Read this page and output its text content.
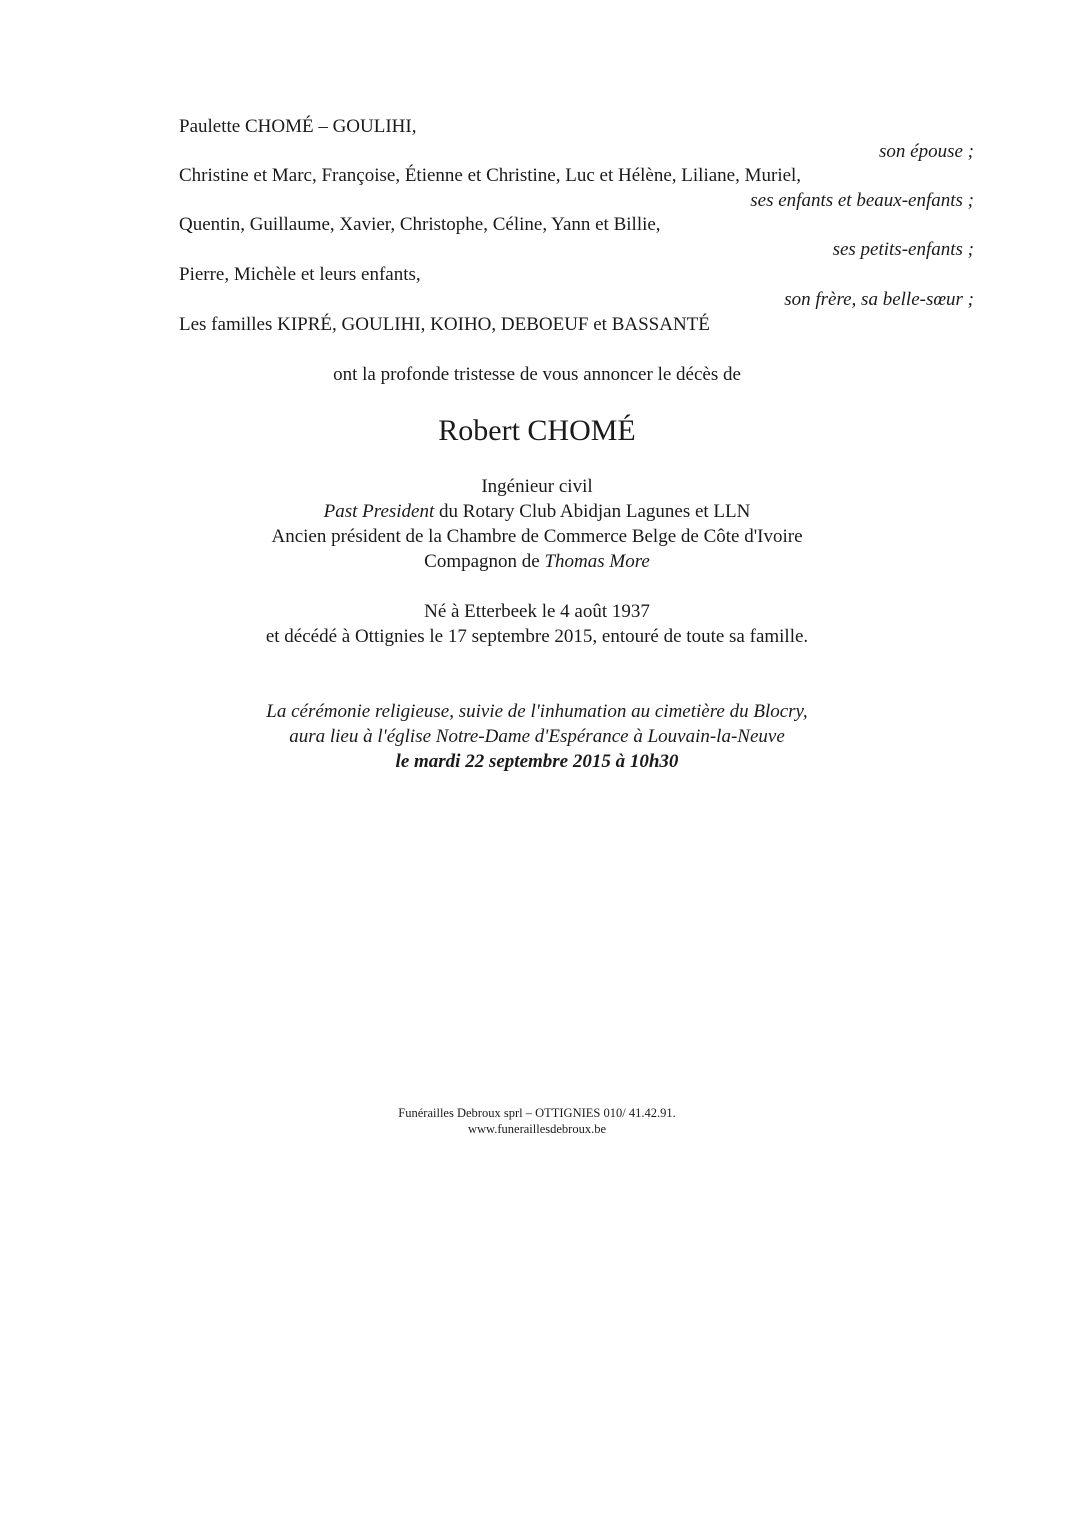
Paulette CHOMÉ – GOULIHI,
son épouse ;
Christine et Marc, Françoise, Étienne et Christine, Luc et Hélène, Liliane, Muriel,
ses enfants et beaux-enfants ;
Quentin, Guillaume, Xavier, Christophe, Céline, Yann et Billie,
ses petits-enfants ;
Pierre, Michèle et leurs enfants,
son frère, sa belle-sœur ;
Les familles KIPRÉ, GOULIHI, KOIHO, DEBOEUF et BASSANTÉ
ont la profonde tristesse de vous annoncer le décès de
Robert CHOMÉ
Ingénieur civil
Past President du Rotary Club Abidjan Lagunes et LLN
Ancien président de la Chambre de Commerce Belge de Côte d'Ivoire
Compagnon de Thomas More
Né à Etterbeek le 4 août 1937
et décédé à Ottignies le 17 septembre 2015, entouré de toute sa famille.
La cérémonie religieuse, suivie de l'inhumation au cimetière du Blocry,
aura lieu à l'église Notre-Dame d'Espérance à Louvain-la-Neuve
le mardi 22 septembre 2015 à 10h30
Funérailles Debroux sprl – OTTIGNIES 010/ 41.42.91.
www.funeraillesdebroux.be
